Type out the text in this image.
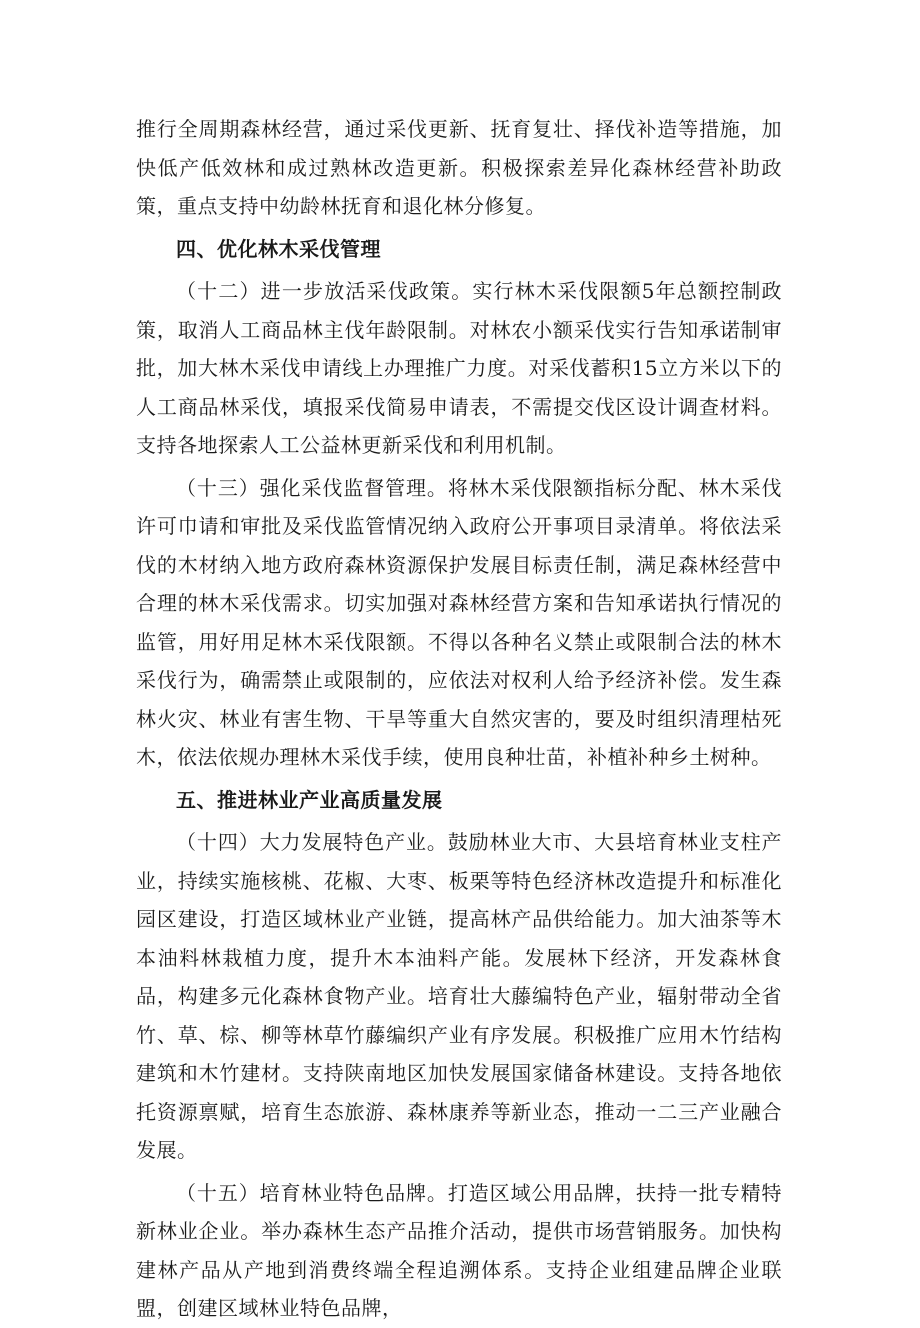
推行全周期森林经营，通过采伐更新、抚育复壮、择伐补造等措施，加快低产低效林和成过熟林改造更新。积极探索差异化森林经营补助政策，重点支持中幼龄林抚育和退化林分修复。

四、优化林木采伐管理

（十二）进一步放活采伐政策。实行林木采伐限额5年总额控制政策，取消人工商品林主伐年龄限制。对林农小额采伐实行告知承诺制审批，加大林木采伐申请线上办理推广力度。对采伐蓄积15立方米以下的人工商品林采伐，填报采伐简易申请表，不需提交伐区设计调查材料。支持各地探索人工公益林更新采伐和利用机制。

（十三）强化采伐监督管理。将林木采伐限额指标分配、林木采伐许可巾请和审批及采伐监管情况纳入政府公开事项目录清单。将依法采伐的木材纳入地方政府森林资源保护发展目标责任制，满足森林经营中合理的林木采伐需求。切实加强对森林经营方案和告知承诺执行情况的监管，用好用足林木采伐限额。不得以各种名义禁止或限制合法的林木采伐行为，确需禁止或限制的，应依法对权利人给予经济补偿。发生森林火灾、林业有害生物、干旱等重大自然灾害的，要及时组织清理枯死木，依法依规办理林木采伐手续，使用良种壮苗，补植补种乡土树种。

五、推进林业产业高质量发展

（十四）大力发展特色产业。鼓励林业大市、大县培育林业支柱产业，持续实施核桃、花椒、大枣、板栗等特色经济林改造提升和标准化园区建设，打造区域林业产业链，提高林产品供给能力。加大油茶等木本油料林栽植力度，提升木本油料产能。发展林下经济，开发森林食品，构建多元化森林食物产业。培育壮大藤编特色产业，辐射带动全省竹、草、棕、柳等林草竹藤编织产业有序发展。积极推广应用木竹结构建筑和木竹建材。支持陕南地区加快发展国家储备林建设。支持各地依托资源禀赋，培育生态旅游、森林康养等新业态，推动一二三产业融合发展。

（十五）培育林业特色品牌。打造区域公用品牌，扶持一批专精特新林业企业。举办森林生态产品推介活动，提供市场营销服务。加快构建林产品从产地到消费终端全程追溯体系。支持企业组建品牌企业联盟，创建区域林业特色品牌，
